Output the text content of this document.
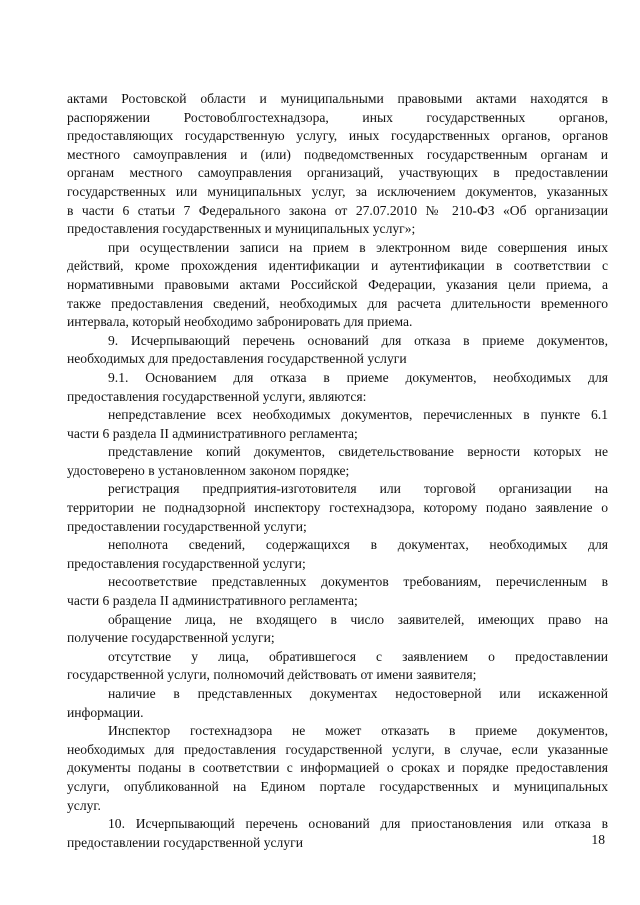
актами Ростовской области и муниципальными правовыми актами находятся в
распоряжении Ростовоблгостехнадзора, иных государственных органов,
предоставляющих государственную услугу, иных государственных органов, органов
местного самоуправления и (или) подведомственных государственным органам и
органам местного самоуправления организаций, участвующих в предоставлении
государственных или муниципальных услуг, за исключением документов, указанных
в части 6 статьи 7 Федерального закона от 27.07.2010 № 210-ФЗ «Об организации
предоставления государственных и муниципальных услуг»;
при осуществлении записи на прием в электронном виде совершения иных
действий, кроме прохождения идентификации и аутентификации в соответствии с
нормативными правовыми актами Российской Федерации, указания цели приема, а
также предоставления сведений, необходимых для расчета длительности временного
интервала, который необходимо забронировать для приема.
9. Исчерпывающий перечень оснований для отказа в приеме документов,
необходимых для предоставления государственной услуги
9.1. Основанием для отказа в приеме документов, необходимых для
предоставления государственной услуги, являются:
непредставление всех необходимых документов, перечисленных в пункте 6.1
части 6 раздела II административного регламента;
представление копий документов, свидетельствование верности которых не
удостоверено в установленном законом порядке;
регистрация предприятия-изготовителя или торговой организации на
территории не поднадзорной инспектору гостехнадзора, которому подано заявление о
предоставлении государственной услуги;
неполнота сведений, содержащихся в документах, необходимых для
предоставления государственной услуги;
несоответствие представленных документов требованиям, перечисленным в
части 6 раздела II административного регламента;
обращение лица, не входящего в число заявителей, имеющих право на
получение государственной услуги;
отсутствие у лица, обратившегося с заявлением о предоставлении
государственной услуги, полномочий действовать от имени заявителя;
наличие в представленных документах недостоверной или искаженной
информации.
Инспектор гостехнадзора не может отказать в приеме документов,
необходимых для предоставления государственной услуги, в случае, если указанные
документы поданы в соответствии с информацией о сроках и порядке предоставления
услуги, опубликованной на Едином портале государственных и муниципальных
услуг.
10. Исчерпывающий перечень оснований для приостановления или отказа в
предоставлении государственной услуги	18
